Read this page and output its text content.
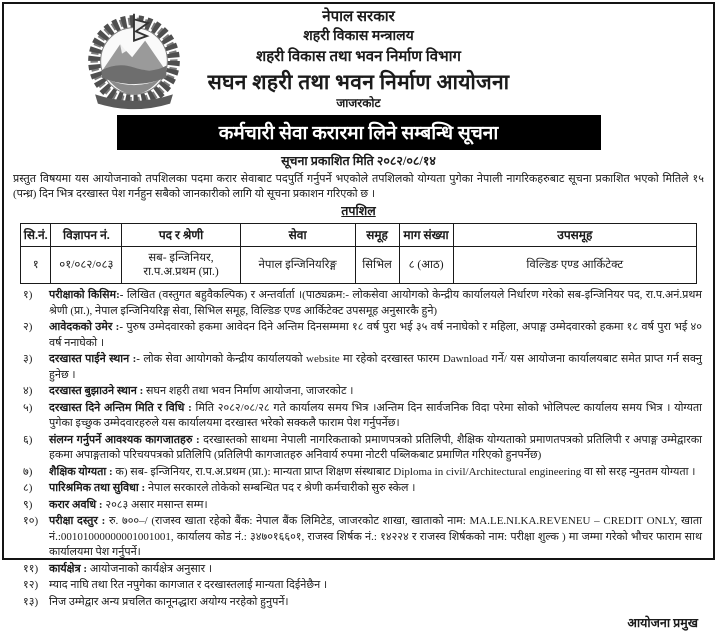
नेपाल सरकार
शहरी विकास मन्त्रालय
शहरी विकास तथा भवन निर्माण विभाग
सघन शहरी तथा भवन निर्माण आयोजना
जाजरकोट
कर्मचारी सेवा करारमा लिने सम्बन्धि सूचना
सूचना प्रकाशित मिति २०८२/०८/१४
प्रस्तुत विषयमा यस आयोजनाको तपशिलका पदमा करार सेवाबाट पदपुर्ति गर्नुपर्ने भएकोले तपशिलको योग्यता पुगेका नेपाली नागरिकहरुबाट सूचना प्रकाशित भएको मितिले १५ (पन्ध्र) दिन भित्र दरखास्त पेश गर्नहुन सबैको जानकारीको लागि यो सूचना प्रकाशन गरिएको छ ।
तपशिल
सि.नं.	विज्ञापन नं.	पद र श्रेणी	सेवा	समूह	माग संख्या	उपसमूह
१	०१/०८२/०८३	सब- इन्जिनियर, रा.प.अ.प्रथम (प्रा.)	नेपाल इन्जिनियरिङ्ग	सिभिल	८ (आठ)	विल्डिङ एण्ड आर्किटेक्ट
१)	परीक्षाको किसिम:- लिखित (वस्तुगत बहुवैकल्पिक) र अन्तर्वार्ता ।(पाठ्यक्रम:- लोकसेवा आयोगको केन्द्रीय कार्यालयले निर्धारण गरेको सब-इन्जिनियर पद, रा.प.अनं.प्रथम श्रेणी (प्रा.), नेपाल इन्जिनियरिङ्ग सेवा, सिभिल समूह, विल्डिङ एण्ड आर्किटेक्ट उपसमूह अनुसारकै हुने)
२)	आवेदकको उमेर :- पुरुष उम्मेदवारको हकमा आवेदन दिने अन्तिम दिनसम्ममा १८ वर्ष पुरा भई ३५ वर्ष ननाघेको र महिला, अपाङ्ग उम्मेदवारको हकमा १८ वर्ष पुरा भई ४० वर्ष ननाघेको ।
३)	दरखास्त पाईने स्थान :- लोक सेवा आयोगको केन्द्रीय कार्यालयको website मा रहेको दरखास्त फारम Dawnload गर्ने/ यस आयोजना कार्यालयबाट समेत प्राप्त गर्न सक्नु हुनेछ ।
४)	दरखास्त बुझाउने स्थान : सघन शहरी तथा भवन निर्माण आयोजना, जाजरकोट ।
५)	दरखास्त दिने अन्तिम मिति र विधि : मिति २०८२/०८/२८ गते कार्यालय समय भित्र ।अन्तिम दिन सार्वजनिक विदा परेमा सोको भोलिपल्ट कार्यालय समय भित्र । योग्यता पुगेका इच्छुक उम्मेदवारहरुले यस कार्यालयमा दरखास्त भरेको सक्कलै फाराम पेश गर्नुपर्नेछ।
६)	संलग्न गर्नुपर्ने आवश्यक कागजातहरु : दरखास्तको साथमा नेपाली नागरिकताको प्रमाणपत्रको प्रतिलिपी, शैक्षिक योग्यताको प्रमाणतपत्रको प्रतिलिपी र अपाङ्ग उम्मेद्वारका हकमा अपाङ्गताको परिचयपत्रको प्रतिलिपि (प्रतिलिपी कागजातहरु अनिवार्य रुपमा नोटरी पब्लिकबाट प्रमाणित गरिएको हुनपर्नेछ)
७)	शैक्षिक योग्यता : क) सब- इन्जिनियर, रा.प.अ.प्रथम (प्रा.): मान्यता प्राप्त शिक्षण संस्थाबाट Diploma in civil/Architectural engineering वा सो सरह न्युनतम योग्यता ।
८)	पारिश्रमिक तथा सुविधा : नेपाल सरकारले तोकेको सम्बन्धित पद र श्रेणी कर्मचारीको सुरु स्केल ।
९)	करार अवधि : २०८३ असार मसान्त सम्म।
१०) परीक्षा दस्तुर : रु. ७००–/ (राजस्व खाता रहेको बैंक: नेपाल बैंक लिमिटेड, जाजरकोट शाखा, खाताको नाम: MA.LE.NI.KA.REVENEU – CREDIT ONLY, खाता नं.:00101000000001001001, कार्यालय कोड नं.: ३४७०१६६०१, राजस्व शिर्षक नं.: १४२२४ र राजस्व शिर्षकको नाम: परीक्षा शुल्क ) मा जम्मा गरेको भौचर फाराम साथ कार्यालयमा पेश गर्नुपर्ने।
११) कार्यक्षेत्र : आयोजनाको कार्यक्षेत्र अनुसार ।
१२) म्याद नाघि तथा रित नपुगेका कागजात र दरखास्तलाई मान्यता दिईनेछैन ।
१३) निज उम्मेद्वार अन्य प्रचलित कानूनद्धारा अयोग्य नरहेको हुनुपर्ने।
आयोजना प्रमुख
